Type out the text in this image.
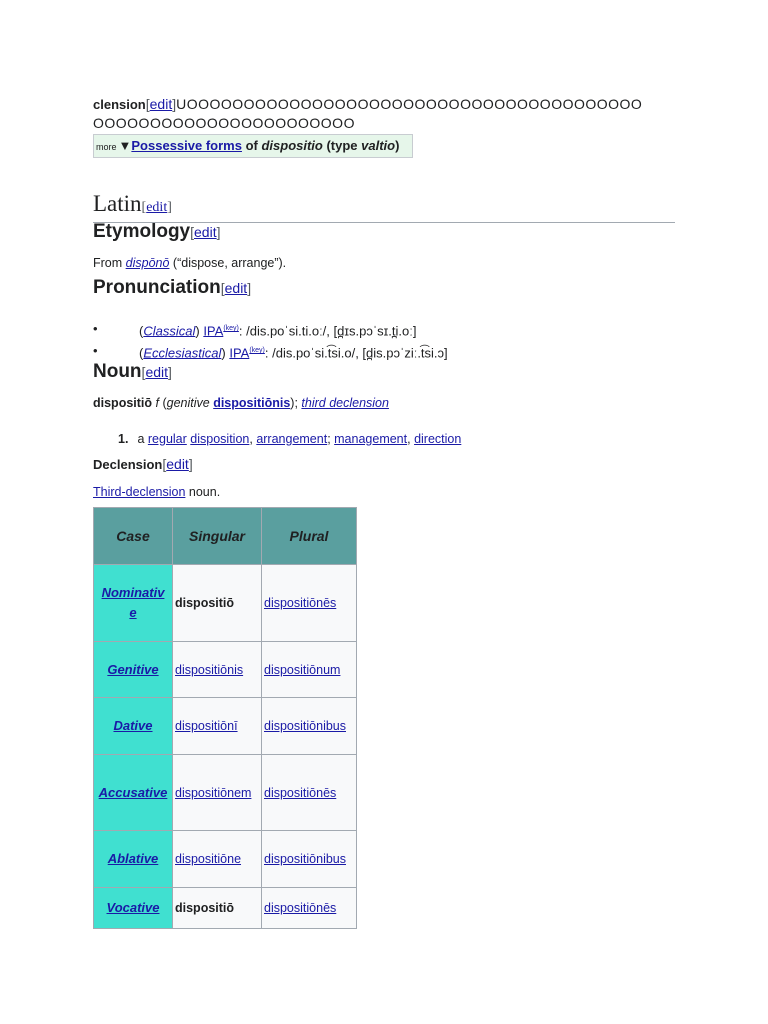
clension[edit]UOOOOOOOOOOOOOOOOOOOOOOOOOOOOOOOOOOOOOOOO
OOOOOOOOOOOOOOOOOOOOOOO
more ▼Possessive forms of dispositio (type valtio)
Latin[edit]
Etymology[edit]
From dispōnō (“dispose, arrange”).
Pronunciation[edit]
•	(Classical) $IPA^{(key)}$: /dis.poˈsi.ti.oː/, [d̪ɪs.pɔˈsɪ.t̪i.oː]
•	(Ecclesiastical) $IPA^{(key)}$: /dis.poˈsi.t͡si.o/, [d̪is.pɔˈziː.t͡si.ɔ]
Noun[edit]
dispositiō f (genitive dispositiōnis); third declension
1. a regular disposition, arrangement; management, direction
Declension[edit]
Third-declension noun.
Case	Singular	Plural
Nominative	dispositiō	dispositiōnēs
Genitive	dispositiōnis	dispositiōnum
Dative	dispositiōnī	dispositiōnibus
Accusative	dispositiōnem	dispositiōnēs
Ablative	dispositiōne	dispositiōnibus
Vocative	dispositiō	dispositiōnēs
